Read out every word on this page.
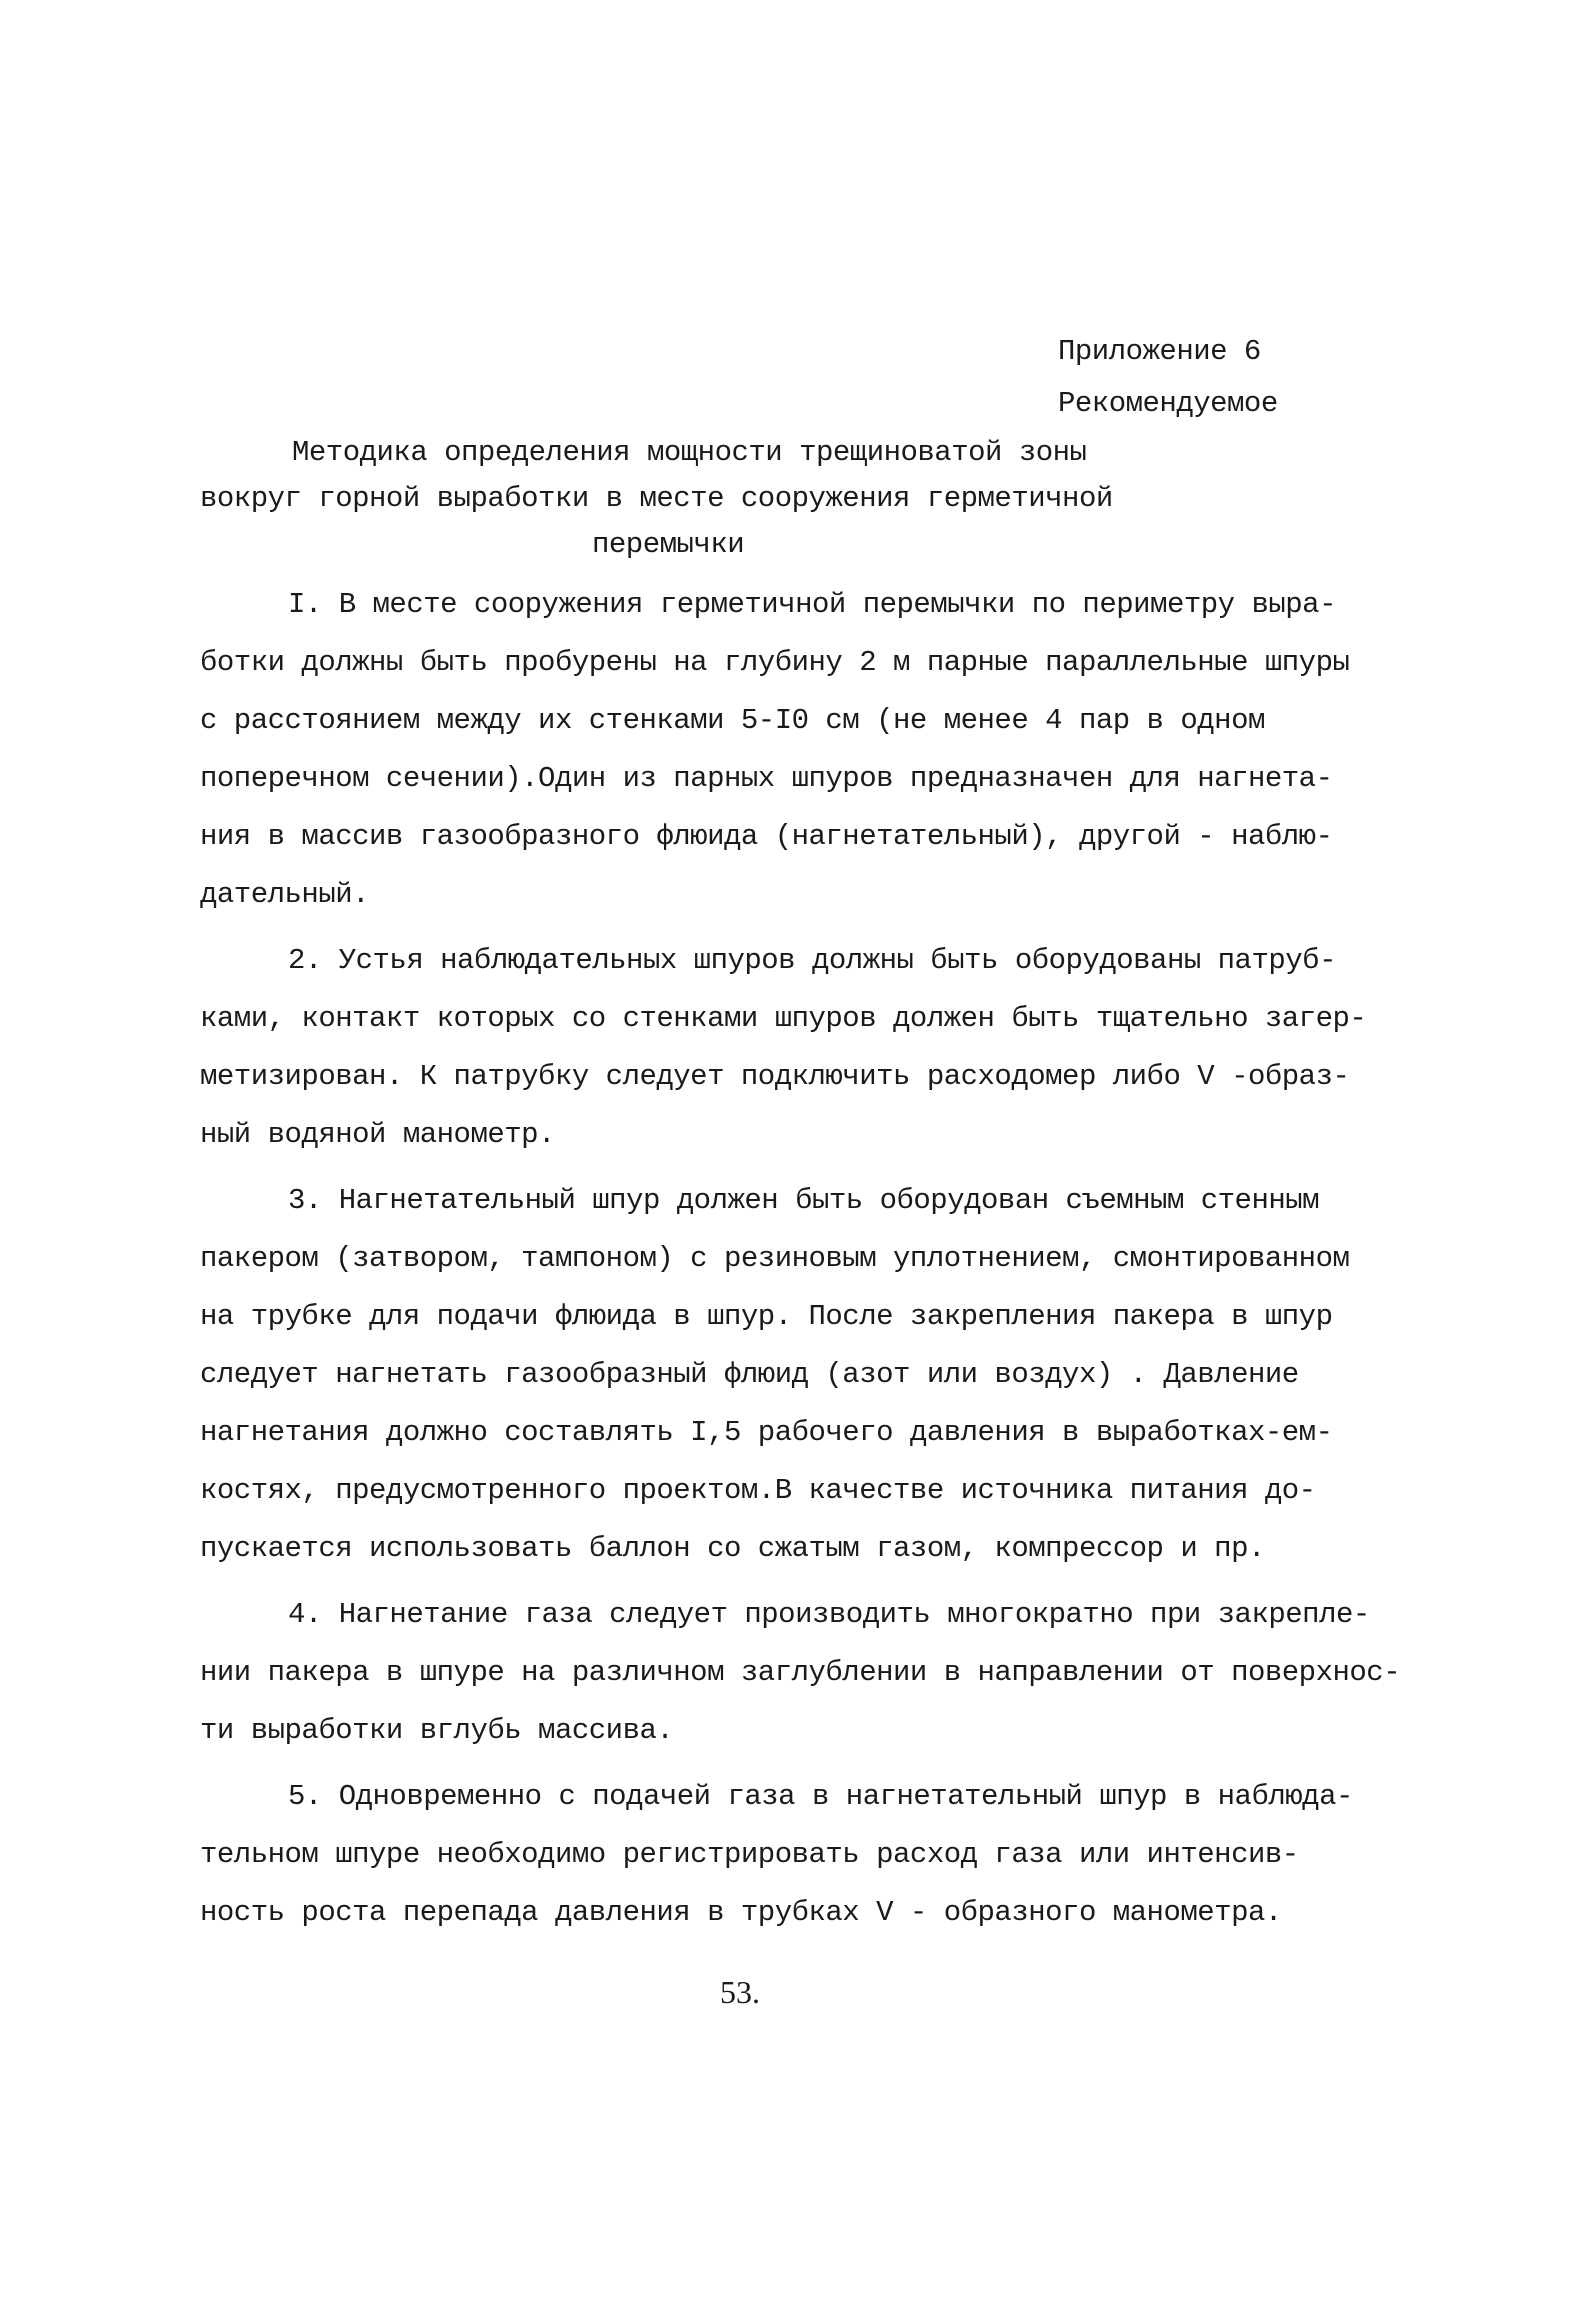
Приложение 6
Рекомендуемое
Методика определения мощности трещиноватой зоны
вокруг горной выработки в месте сооружения герметичной
перемычки
I. В месте сооружения герметичной перемычки по периметру выра-
ботки должны быть пробурены на глубину 2 м парные параллельные шпуры
с расстоянием между их стенками 5-I0 см (не менее 4 пар в одном
поперечном сечении).Один из парных шпуров предназначен для нагнета-
ния в массив газообразного флюида (нагнетательный), другой - наблю-
дательный.
2. Устья наблюдательных шпуров должны быть оборудованы патруб-
ками, контакт которых со стенками шпуров должен быть тщательно загер-
метизирован. К патрубку следует подключить расходомер либо V -образ-
ный водяной манометр.
3. Нагнетательный шпур должен быть оборудован съемным стенным
пакером (затвором, тампоном) с резиновым уплотнением, смонтированном
на трубке для подачи флюида в шпур. После закрепления пакера в шпур
следует нагнетать газообразный флюид (азот или воздух) . Давление
нагнетания должно составлять I,5 рабочего давления в выработках-ем-
костях, предусмотренного проектом.В качестве источника питания до-
пускается использовать баллон со сжатым газом, компрессор и пр.
4. Нагнетание газа следует производить многократно при закрепле-
нии пакера в шпуре на различном заглублении в направлении от поверхнос-
ти выработки вглубь массива.
5. Одновременно с подачей газа в нагнетательный шпур в наблюда-
тельном шпуре необходимо регистрировать расход газа или интенсив-
ность роста перепада давления в трубках V - образного манометра.
53.
